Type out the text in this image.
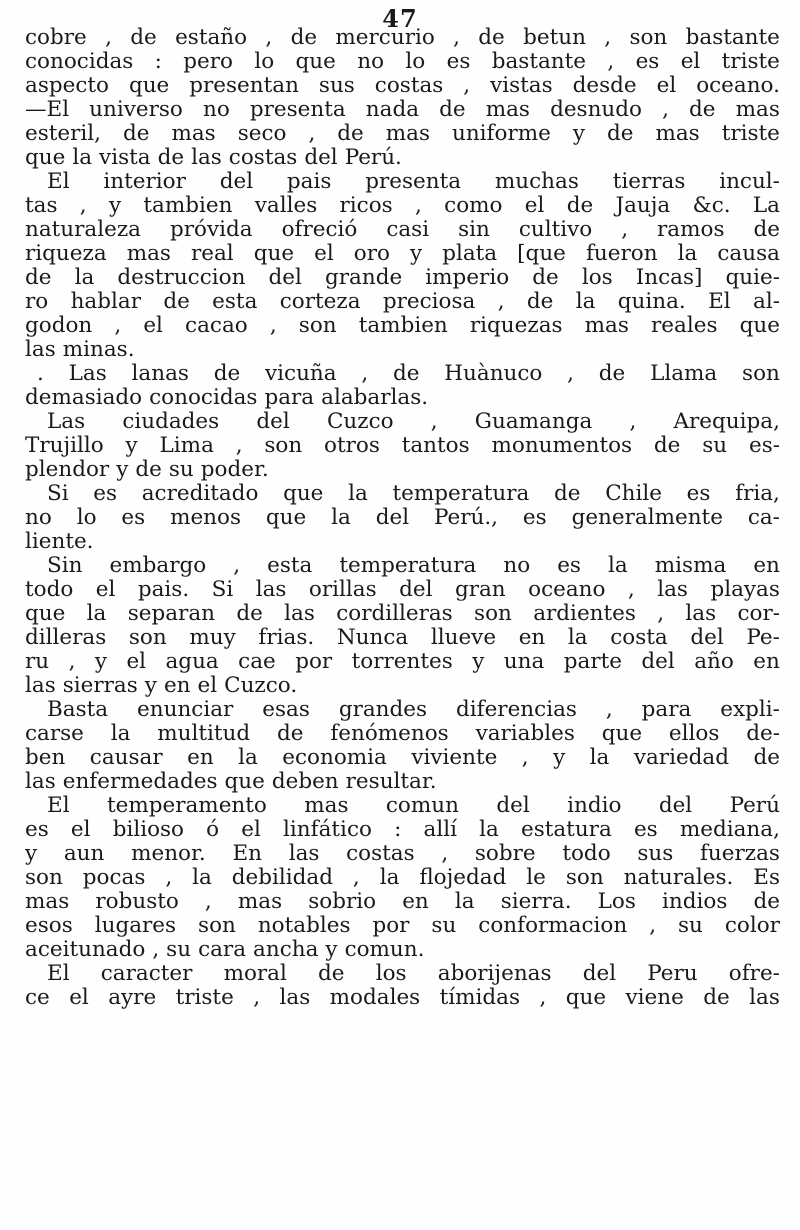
47
cobre , de estaño , de mercurio , de betun , son bastante
conocidas : pero lo que no lo es bastante , es el triste
aspecto que presentan sus costas , vistas desde el oceano.
—El universo no presenta nada de mas desnudo , de mas
esteril, de mas seco , de mas uniforme y de mas triste
que la vista de las costas del Perú.
El interior del pais presenta muchas tierras incul-
tas , y tambien valles ricos , como el de Jauja &c. La
naturaleza próvida ofreció casi sin cultivo , ramos de
riqueza mas real que el oro y plata [que fueron la causa
de la destruccion del grande imperio de los Incas] quie-
ro hablar de esta corteza preciosa , de la quina. El al-
godon , el cacao , son tambien riquezas mas reales que
las minas.
. Las lanas de vicuña , de Huànuco , de Llama son
demasiado conocidas para alabarlas.
Las ciudades del Cuzco , Guamanga , Arequipa,
Trujillo y Lima , son otros tantos monumentos de su es-
plendor y de su poder.
Si es acreditado que la temperatura de Chile es fria,
no lo es menos que la del Perú., es generalmente ca-
liente.
Sin embargo , esta temperatura no es la misma en
todo el pais. Si las orillas del gran oceano , las playas
que la separan de las cordilleras son ardientes , las cor-
dilleras son muy frias. Nunca llueve en la costa del Pe-
ru , y el agua cae por torrentes y una parte del año en
las sierras y en el Cuzco.
Basta enunciar esas grandes diferencias , para expli-
carse la multitud de fenómenos variables que ellos de-
ben causar en la economia viviente , y la variedad de
las enfermedades que deben resultar.
El temperamento mas comun del indio del Perú
es el bilioso ó el linfático : allí la estatura es mediana,
y aun menor. En las costas , sobre todo sus fuerzas
son pocas , la debilidad , la flojedad le son naturales. Es
mas robusto , mas sobrio en la sierra. Los indios de
esos lugares son notables por su conformacion , su color
aceitunado , su cara ancha y comun.
El caracter moral de los aborijenas del Peru ofre-
ce el ayre triste , las modales tímidas , que viene de las
